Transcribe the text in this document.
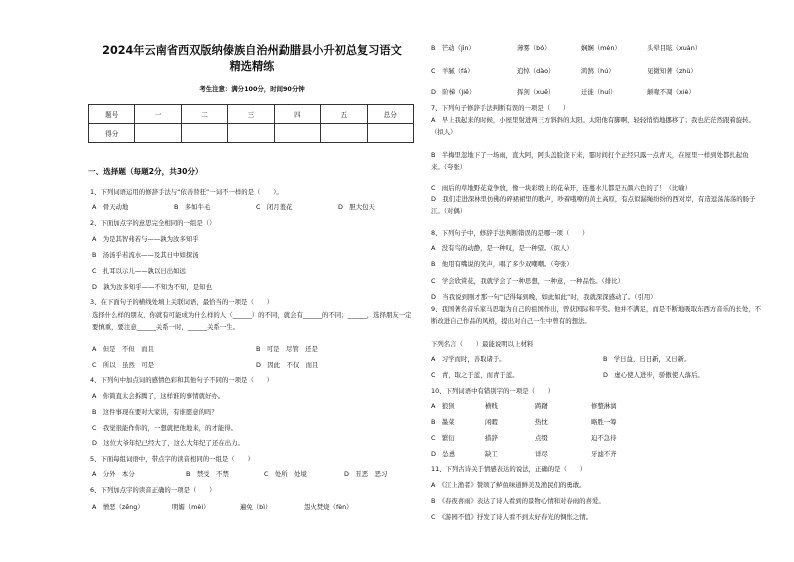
2024年云南省西双版纳傣族自治州勐腊县小升初总复习语文
精选精练
考生注意：满分100分，时间90分钟
题号	一	二	三	四	五	总分
得分						
一、选择题（每题2分，共30分）
1、下列词语运用的修辞手法与“依善替狂”一词不一样的是（　　）。
A　骨天动地	B　多如牛毛	C　闭月羞花	D　胆大包天
2、下面加点字的意思完全相同的一组是（）
A　为是其智弗若与——孰为汝多知乎
B　汤汤乎若流水——及其日中如探汤
C　扎耳以示儿——孰以日出如远
D　孰为汝多知乎——不知为不知，是知也
3、在下面句子的横线处填上关联词语，最恰当的一项是（　　）
选择什么样的朋友，你就有可能成为什么样的人（______）的不同，就会有______的不同；______，选择朋友一定要慎重，要注意______关系一时，______关系一生。
A　但是　不但　而且	B　可是　尽管　还是
C　所以　虽然　可是	D　因此　不仅　而且
4、下列句中加点词的感情色彩和其他句子不同的一项是（　　）
A　你简直太会拆腾了，这样谁的事情就好办。
B　这件事现在要对大家讲，有谁愿意的吗？
C　我觉很能作你的，一想就把他地来，的才能得。
D　这位大爷年纪已经大了，这么大年纪了还在出力。
5、下面每组词语中，带点字的读音相同的一组是（　　）
A　分外　本分	B　禁受　不禁	C　处所　处境	D　丑恶　恶习
6、下列加点字的读音正确的一项是（　　）
A　憎恶（zēng）	明媚（mèi）	遍免（bì）	怨火焚烧（fèn）
B　芒动（jìn）	薄雾（bó）	娴娴（mén）	头晕目眩（xuàn）
C　羊腻（fá）	追悼（dào）	鸿鹄（hú）	见微知著（zhù）
D　阶梯（jiē）	挥剑（xuē）	迁徙（huí）	颠喙不凋（xiè）
7、下列句子修辞手法判断有误的一项是（　　）
A　早上我起来的时候，小屋里射进两三方斜斜的太阳。太阳他有脚啊，轻轻悄悄地挪移了；我也茫茫然跟着旋转。（拟人）
B　半梅里忽地下了一场雨，直大阿，阿头盖脸浇下来，霎时间打个正经只露一点青天，在屋里一样到处都扎起鱼来。（夸张）
C　雨后的草地野花竟争放，像一块彩缎上的花朵开，连蔓水儿都是五颜六色的了！（比喻）
D　我们走进深林里仿佛的碎裙裙里的歌声，吵着哦嘹的黄土高原，有点似漏绳纷纷的西对岸，有造逗荡荡荡的肠子江。（对偶）
8、下列句子中，修辞手法判断错误的是哪一项（　　）
A　没有鸟的动静，是一种叹，是一种望。（拟人）
B　他用有嘴说的笑声，唱了多少双嘲嘲。（夸张）
C　学会欣赏花，我就学会了一种思想，一种意，一种品性。（排比）
D　当我说到刚才那一句“记得每到晚，如此如此”时，我就深深感动了。（引用）
9、我国著名音乐家马思聪为自己的祖国作出，曾获国际和平奖。他并不满足，而是不断地吸取东西方音乐的长处，不断改进自己作品的风格，提出对自己一生中曾有的想法。
下列名言（　　）最能说明以上材料
A　习学而时，善取诸于。	B　学日益，日日新，又日新。
C　青，取之于蓝，而青于蓝。	D　虚心使人进步，骄傲使人落后。
10、下列词语中有错别字的一项是（　　）
A　狼狈	横贱	踌躇	修整淋漓
B　墨菜	闲暇	热忱	略胜一筹
C　繁衍	措辞	点缀	迫不急待
D　怂恿	缺工	详尽	牙滤不齐
11、下列古诗关于情感表达的说法，正确的是（　　）
A　《江上渔者》赞颂了鲈鱼味道鲜美及渔民们的勇敢。
B　《春夜喜雨》表达了诗人看到的景物心情和对春雨的喜爱。
C　《游园不值》抒发了诗人看不到太好春光的惆怅之情。
